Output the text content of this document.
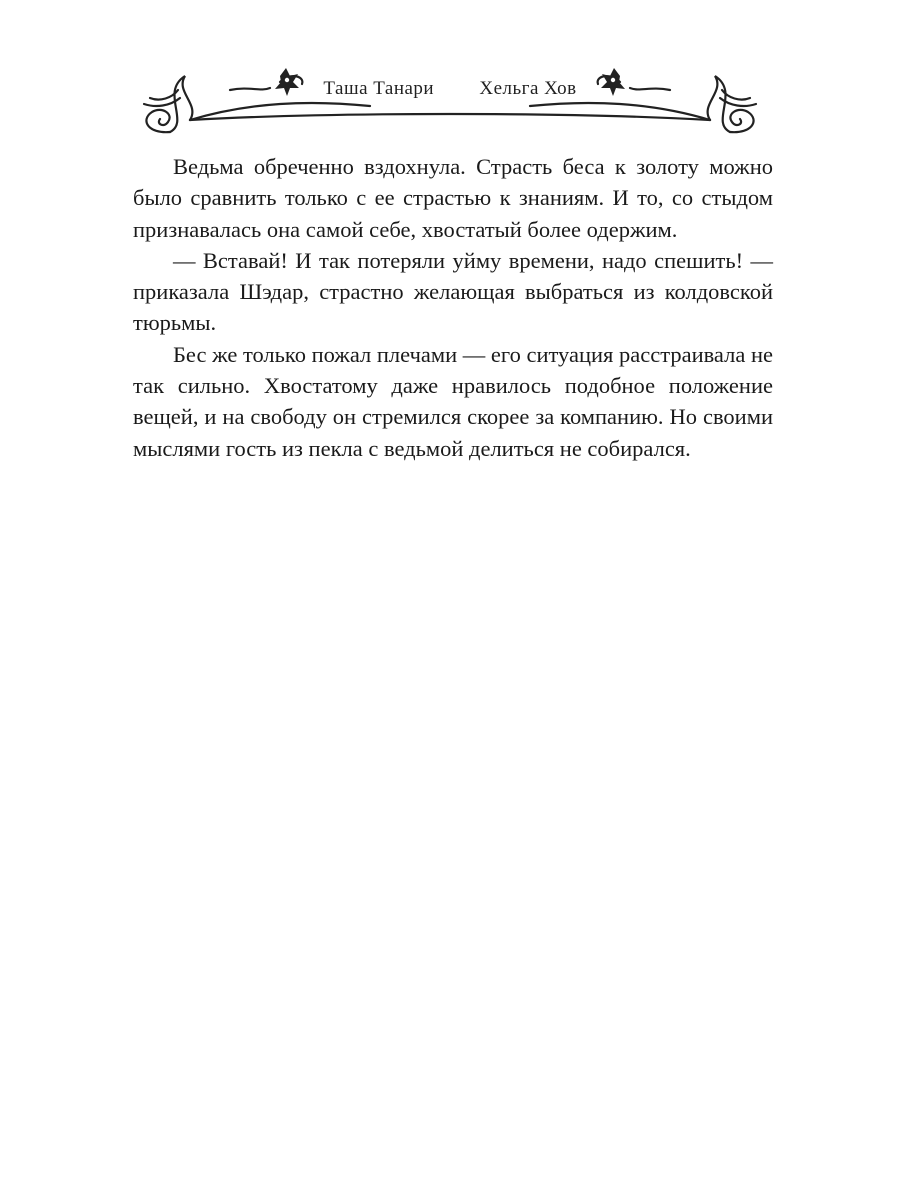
Таша Танари Хельга Хов

Ведьма обреченно вздохнула. Страсть беса к золоту можно было сравнить только с ее страстью к знаниям. И то, со стыдом признавалась она самой себе, хвостатый более одержим.

— Вставай! И так потеряли уйму времени, надо спешить! — приказала Шэдар, страстно желающая выбраться из колдовской тюрьмы.

Бес же только пожал плечами — его ситуация расстраивала не так сильно. Хвостатому даже нравилось подобное положение вещей, и на свободу он стремился скорее за компанию. Но своими мыслями гость из пекла с ведьмой делиться не собирался.
